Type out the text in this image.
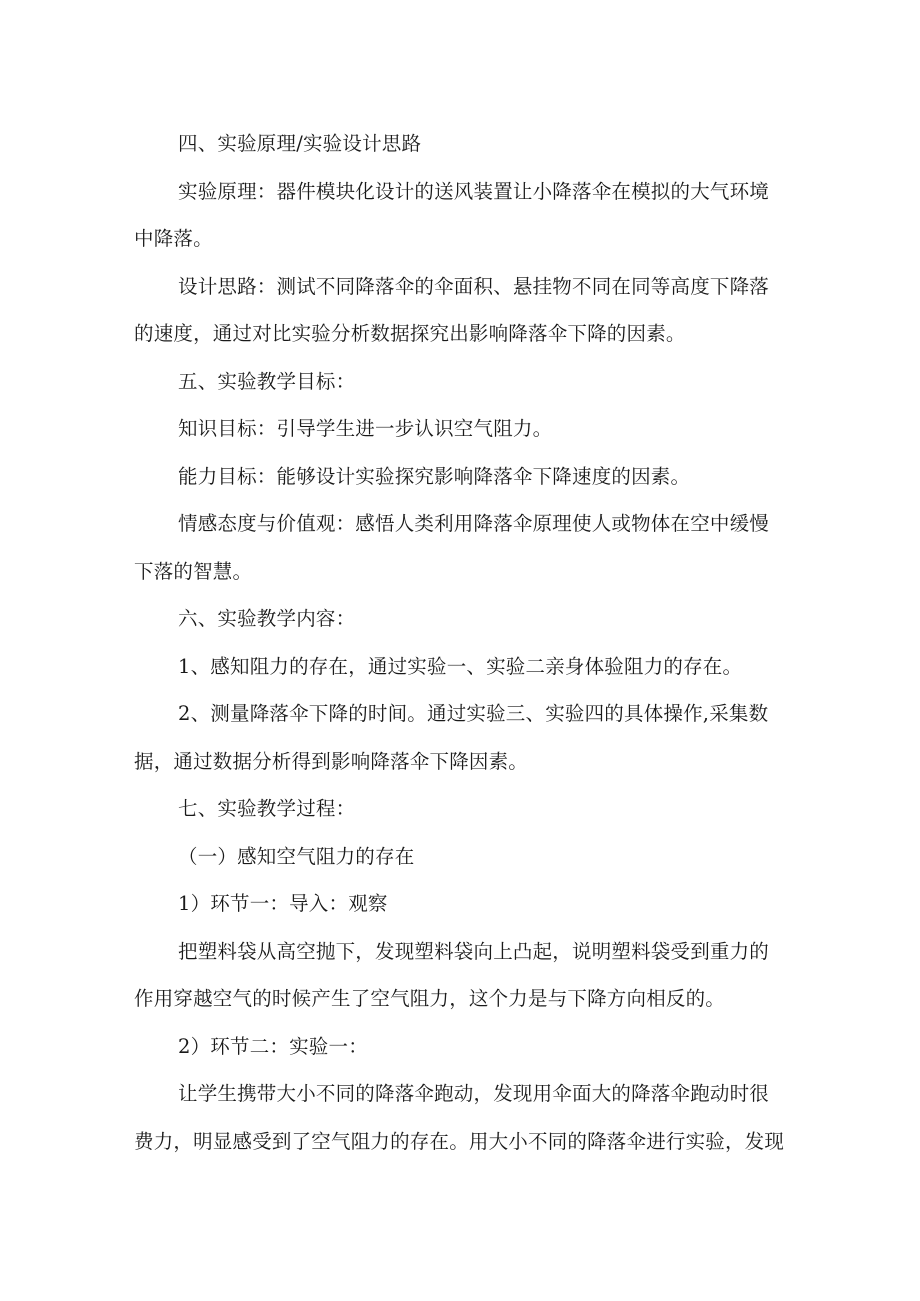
四、实验原理/实验设计思路
实验原理：器件模块化设计的送风装置让小降落伞在模拟的大气环境
中降落。
设计思路：测试不同降落伞的伞面积、悬挂物不同在同等高度下降落
的速度，通过对比实验分析数据探究出影响降落伞下降的因素。
五、实验教学目标：
知识目标：引导学生进一步认识空气阻力。
能力目标：能够设计实验探究影响降落伞下降速度的因素。
情感态度与价值观：感悟人类利用降落伞原理使人或物体在空中缓慢
下落的智慧。
六、实验教学内容：
1、感知阻力的存在，通过实验一、实验二亲身体验阻力的存在。
2、测量降落伞下降的时间。通过实验三、实验四的具体操作,采集数
据，通过数据分析得到影响降落伞下降因素。
七、实验教学过程：
（一）感知空气阻力的存在
1）环节一：导入：观察
把塑料袋从高空抛下，发现塑料袋向上凸起，说明塑料袋受到重力的
作用穿越空气的时候产生了空气阻力，这个力是与下降方向相反的。
2）环节二：实验一：
让学生携带大小不同的降落伞跑动，发现用伞面大的降落伞跑动时很
费力，明显感受到了空气阻力的存在。用大小不同的降落伞进行实验，发现
